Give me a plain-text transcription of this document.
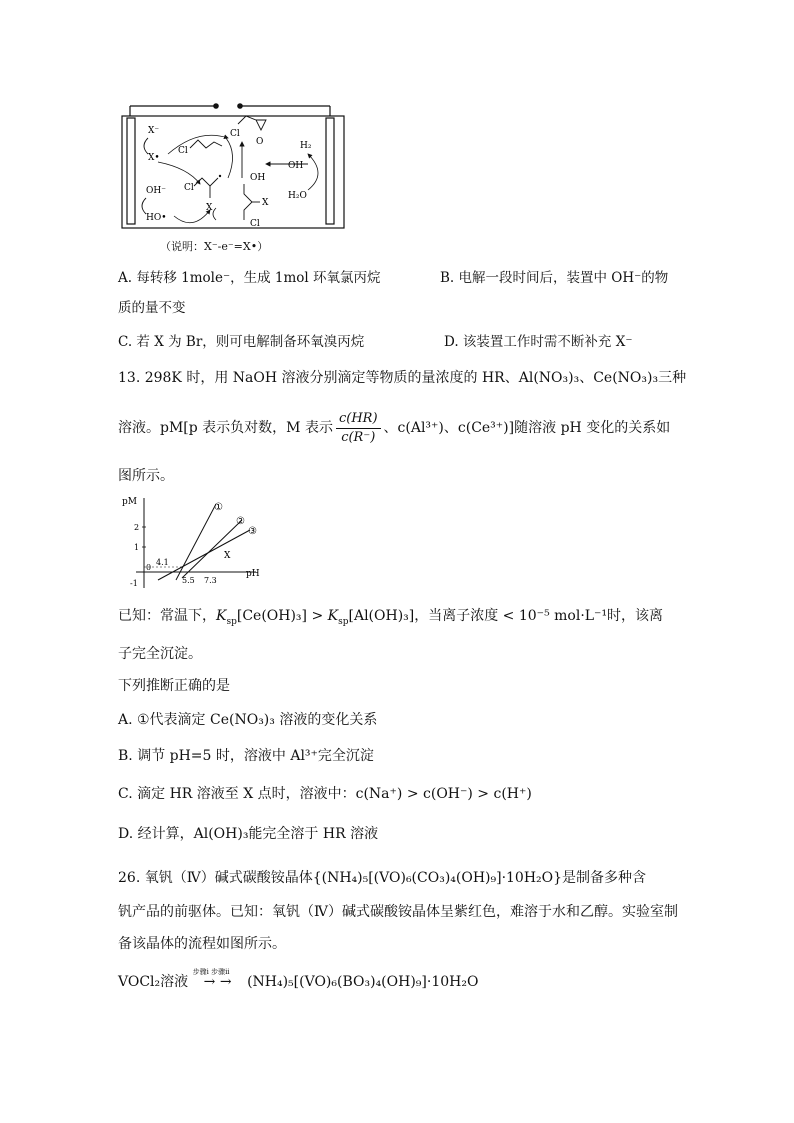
X⁻
X•
OH⁻
HO•
Cl
Cl
O
Cl
X
OH
X
Cl
OH⁻
H₂
H₂O
（说明：X⁻-e⁻=X•）
A. 每转移 1mole⁻，生成 1mol 环氧氯丙烷	B. 电解一段时间后，装置中 OH⁻的物
质的量不变
C. 若 X 为 Br，则可电解制备环氧溴丙烷	D. 该装置工作时需不断补充 X⁻
13. 298K 时，用 NaOH 溶液分别滴定等物质的量浓度的 HR、Al(NO₃)₃、Ce(NO₃)₃三种
溶液。pM[p 表示负对数，M 表示 $\frac{c(HR)}{c(R^-)}$ 、c(Al³⁺)、c(Ce³⁺)]随溶液 pH 变化的关系如
图所示。
pM
pH
2
1
0
-1
4.1
5.5 7.3
X
①
②
③
已知：常温下，$K_{sp}[Ce(OH)_3] > K_{sp}[Al(OH)_3]$，当离子浓度 < 10⁻⁵ mol·L⁻¹时，该离
子完全沉淀。
下列推断正确的是
A. ①代表滴定 Ce(NO₃)₃ 溶液的变化关系
B. 调节 pH=5 时，溶液中 Al³⁺完全沉淀
C. 滴定 HR 溶液至 X 点时，溶液中：c(Na⁺) > c(OH⁻) > c(H⁺)
D. 经计算，Al(OH)₃能完全溶于 HR 溶液
26. 氧钒（Ⅳ）碱式碳酸铵晶体{(NH₄)₅[(VO)₆(CO₃)₄(OH)₉]·10H₂O}是制备多种含
钒产品的前驱体。已知：氧钒（Ⅳ）碱式碳酸铵晶体呈紫红色，难溶于水和乙醇。实验室制
备该晶体的流程如图所示。
VOCl₂溶液
步骤i 步骤ii
→ → (NH₄)₅[(VO)₆(BO₃)₄(OH)₉]·10H₂O
